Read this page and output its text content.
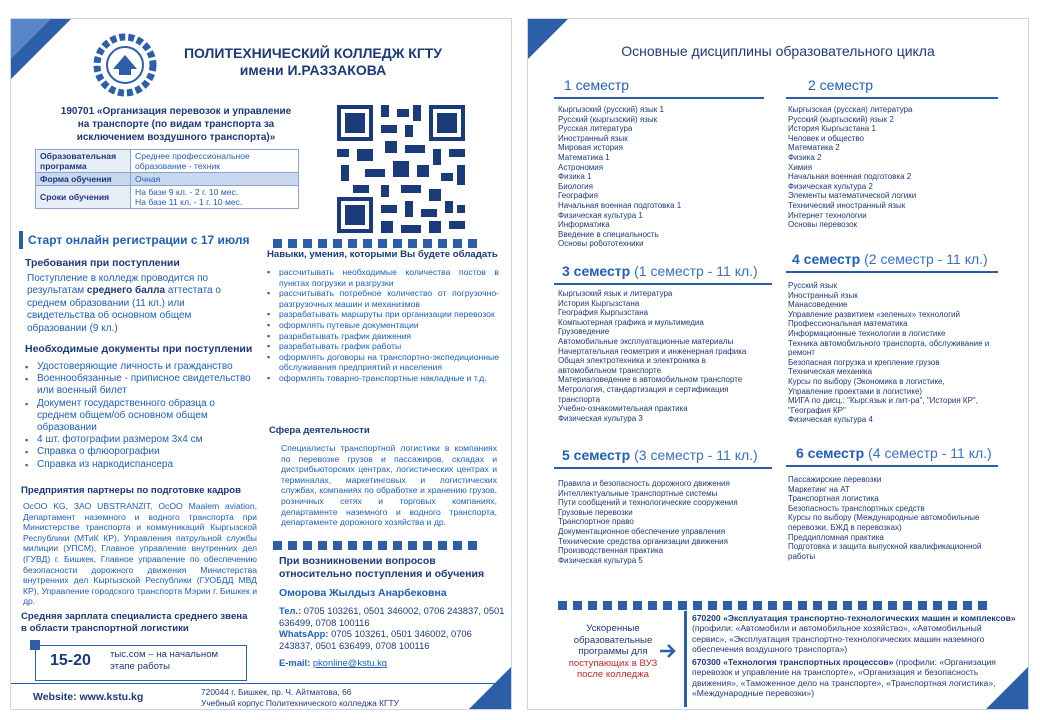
ПОЛИТЕХНИЧЕСКИЙ КОЛЛЕДЖ КГТУ
имени И.РАЗЗАКОВА
190701 «Организация перевозок и управление
на транспорте (по видам транспорта за
исключением воздушного транспорта)»
Образовательная программа	Среднее профессиональное образование - техник
Форма обучения	Очная
Сроки обучения	На базе 9 кл. - 2 г. 10 мес.
На базе 11 кл. - 1 г. 10 мес.
Старт онлайн регистрации с 17 июля
Требования при поступлении
Поступление в колледж проводится по результатам среднего балла аттестата о среднем образовании (11 кл.) или свидетельства об основном общем образовании (9 кл.)
Необходимые документы при поступлении
▪ Удостоверяющие личность и гражданство
▪ Военнообязанные - приписное свидетельство или военный билет
▪ Документ государственного образца о среднем общем/об основном общем образовании
▪ 4 шт. фотографии размером 3х4 см
▪ Справка о флюорографии
▪ Справка из наркодиспансера
Навыки, умения, которыми Вы будете обладать
▪ рассчитывать необходимые количества постов в пунктах погрузки и разгрузки
▪ рассчитывать потребное количество от погрузочно-разгрузочных машин и механизмов
▪ разрабатывать маршруты при организации перевозок
▪ оформлять путевые документации
▪ разрабатывать график движения
▪ разрабатывать график работы
▪ оформлять договоры на транспортно-экспедиционные обслуживания предприятий и населения
▪ оформлять товарно-транспортные накладные и т.д.
Сфера деятельности
Специалисты транспортной логистики в компаниях по перевозке грузов и пассажиров, складах и дистрибьюторских центрах, логистических центрах и терминалах, маркетинговых и логистических службах, компаниях по обработке и хранению грузов, розничных сетях и торговых компаниях, департаменте наземного и водного транспорта, департаменте дорожного хозяйства и др.
Предприятия партнеры по подготовке кадров
ОсОО KG, ЗАО UBSTRANZIT, ОсОО Maalem aviation, Департамент наземного и водного транспорта при Министерстве транспорта и коммуникаций Кыргызской Республики (МТиК КР), Управления патрульной службы милиции (УПСМ), Главное управление внутренних дел (ГУВД) г. Бишкек, Главное управление по обеспечению безопасности дорожного движения Министерства внутренних дел Кыргызской Республики (ГУОБДД МВД КР), Управление городского транспорта Мэрии г. Бишкек и др.
Средняя зарплата специалиста среднего звена в области транспортной логистики
15-20 тыс.сом – на начальном этапе работы
При возникновении вопросов относительно поступления и обучения
Оморова Жылдыз Анарбековна
Тел.: 0705 103261, 0501 346002, 0706 243837, 0501 636499, 0708 100116
WhatsApp: 0705 103261, 0501 346002, 0706 243837, 0501 636499, 0708 100116
E-mail: pkonline@kstu.kg
Website: www.kstu.kg	720044 г. Бишкек, пр. Ч. Айтматова, 66
Учебный корпус Политехнического колледжа КГТУ
Основные дисциплины образовательного цикла
1 семестр
Кыргызский (русский) язык 1
Русский (кыргызский) язык
Русская литература
Иностранный язык
Мировая история
Математика 1
Астрономия
Физика 1
Биология
География
Начальная военная подготовка 1
Физическая культура 1
Информатика
Введение в специальность
Основы робототехники
2 семестр
Кыргызская (русская) литература
Русский (кыргызский) язык 2
История Кыргызстана 1
Человек и общество
Математика 2
Физика 2
Химия
Начальная военная подготовка 2
Физическая культура 2
Элементы математической логики
Технический иностранный язык
Интернет технологии
Основы перевозок
3 семестр (1 семестр - 11 кл.)
Кыргызский язык и литература
История Кыргызстана
География Кыргызстана
Компьютерная графика и мультимедиа
Грузоведение
Автомобильные эксплуатационные материалы
Начертательная геометрия и инженерная графика
Общая электротехника и электроника в
автомобильном транспорте
Материаловедение в автомобильном транспорте
Метрология, стандартизация и сертификация
транспорта
Учебно-ознакомительная практика
Физическая культура 3
4 семестр (2 семестр - 11 кл.)
Русский язык
Иностранный язык
Манасоведение
Управление развитием «зеленых» технологий
Профессиональная математика
Информационные технологии в логистике
Техника автомобильного транспорта, обслуживание и
ремонт
Безопасная погрузка и крепление грузов
Техническая механика
Курсы по выбору (Экономика в логистике,
Управление проектами в логистике)
МИГА по дисц.: "Кырг.язык и лит-ра", "История КР",
"География КР"
Физическая культура 4
5 семестр (3 семестр - 11 кл.)
Правила и безопасность дорожного движения
Интеллектуальные транспортные системы
Пути сообщений и технологические сооружения
Грузовые перевозки
Транспортное право
Документационное обеспечение управления
Технические средства организации движения
Производственная практика
Физическая культура 5
6 семестр (4 семестр - 11 кл.)
Пассажирские перевозки
Маркетинг на АТ
Транспортная логистика
Безопасность транспортных средств
Курсы по выбору (Международные автомобильные
перевозки, БЖД в перевозках)
Преддипломная практика
Подготовка и защита выпускной квалификационной
работы
Ускоренные
образовательные
программы для
поступающих в ВУЗ
после колледжа
670200 «Эксплуатация транспортно-технологических машин и комплексов» (профили: «Автомобили и автомобильное хозяйство», «Автомобильный сервис», «Эксплуатация транспортно-технологических машин наземного обеспечения воздушного транспорта»)
670300 «Технология транспортных процессов» (профили: «Организация перевозок и управление на транспорте», «Организация и безопасность движения», «Таможенное дело на транспорте», «Транспортная логистика», «Международные перевозки»)
